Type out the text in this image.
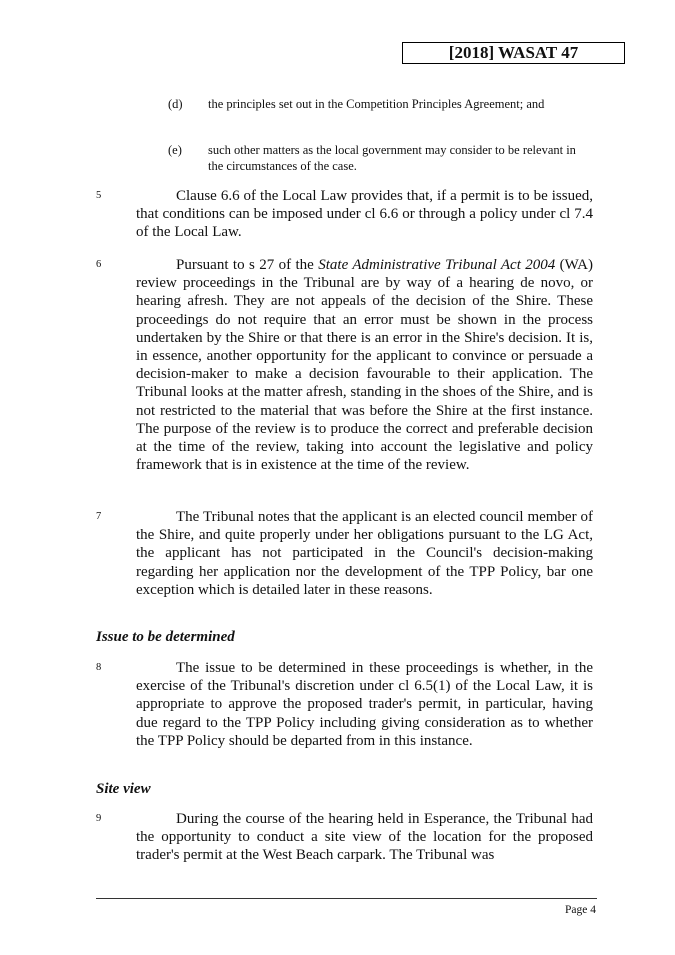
[2018] WASAT 47
(d) the principles set out in the Competition Principles Agreement; and
(e) such other matters as the local government may consider to be relevant in the circumstances of the case.
5	Clause 6.6 of the Local Law provides that, if a permit is to be issued, that conditions can be imposed under cl 6.6 or through a policy under cl 7.4 of the Local Law.
6	Pursuant to s 27 of the State Administrative Tribunal Act 2004 (WA) review proceedings in the Tribunal are by way of a hearing de novo, or hearing afresh. They are not appeals of the decision of the Shire. These proceedings do not require that an error must be shown in the process undertaken by the Shire or that there is an error in the Shire's decision. It is, in essence, another opportunity for the applicant to convince or persuade a decision-maker to make a decision favourable to their application. The Tribunal looks at the matter afresh, standing in the shoes of the Shire, and is not restricted to the material that was before the Shire at the first instance. The purpose of the review is to produce the correct and preferable decision at the time of the review, taking into account the legislative and policy framework that is in existence at the time of the review.
7	The Tribunal notes that the applicant is an elected council member of the Shire, and quite properly under her obligations pursuant to the LG Act, the applicant has not participated in the Council's decision-making regarding her application nor the development of the TPP Policy, bar one exception which is detailed later in these reasons.
Issue to be determined
8	The issue to be determined in these proceedings is whether, in the exercise of the Tribunal's discretion under cl 6.5(1) of the Local Law, it is appropriate to approve the proposed trader's permit, in particular, having due regard to the TPP Policy including giving consideration as to whether the TPP Policy should be departed from in this instance.
Site view
9	During the course of the hearing held in Esperance, the Tribunal had the opportunity to conduct a site view of the location for the proposed trader's permit at the West Beach carpark. The Tribunal was
Page 4
